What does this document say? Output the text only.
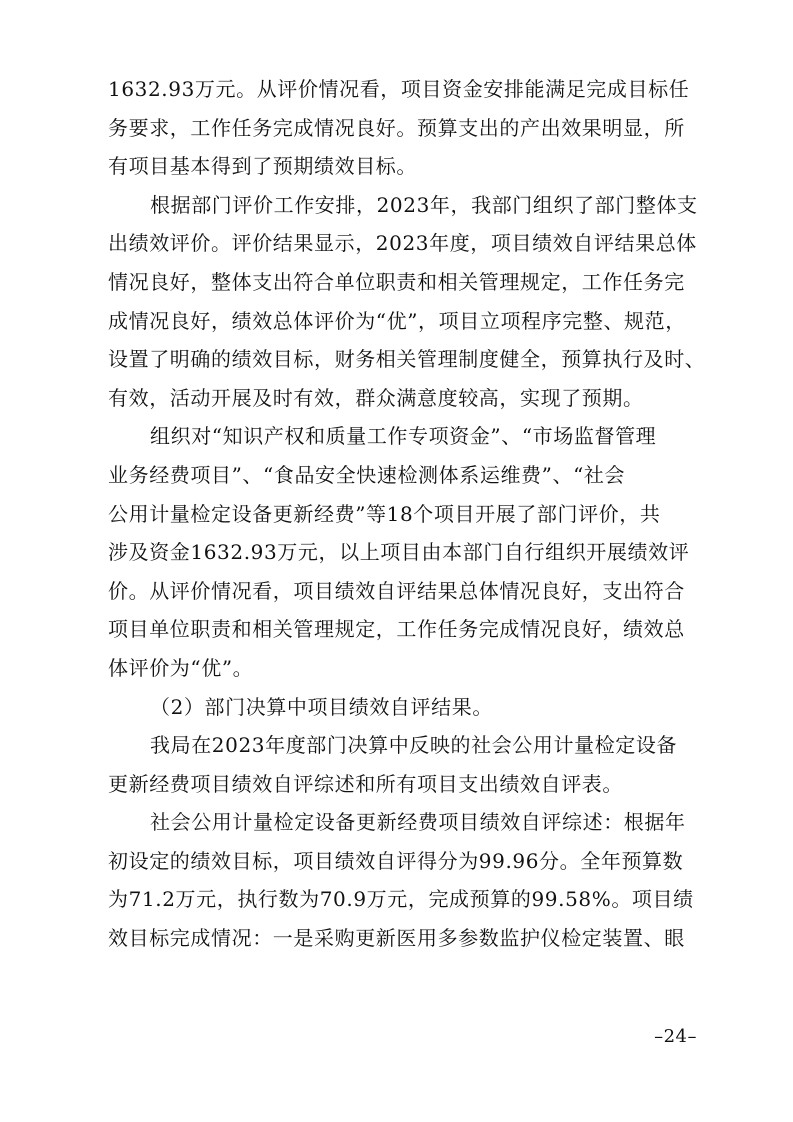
1632.93万元。从评价情况看，项目资金安排能满足完成目标任
务要求，工作任务完成情况良好。预算支出的产出效果明显，所
有项目基本得到了预期绩效目标。
根据部门评价工作安排，2023年，我部门组织了部门整体支
出绩效评价。评价结果显示，2023年度，项目绩效自评结果总体
情况良好，整体支出符合单位职责和相关管理规定，工作任务完
成情况良好，绩效总体评价为“优”，项目立项程序完整、规范，
设置了明确的绩效目标，财务相关管理制度健全，预算执行及时、
有效，活动开展及时有效，群众满意度较高，实现了预期。
组织对“知识产权和质量工作专项资金”、“市场监督管理
业务经费项目”、“食品安全快速检测体系运维费”、“社会
公用计量检定设备更新经费”等18个项目开展了部门评价，共
涉及资金1632.93万元，以上项目由本部门自行组织开展绩效评
价。从评价情况看，项目绩效自评结果总体情况良好，支出符合
项目单位职责和相关管理规定，工作任务完成情况良好，绩效总
体评价为“优”。
（2）部门决算中项目绩效自评结果。
我局在2023年度部门决算中反映的社会公用计量检定设备
更新经费项目绩效自评综述和所有项目支出绩效自评表。
社会公用计量检定设备更新经费项目绩效自评综述：根据年
初设定的绩效目标，项目绩效自评得分为99.96分。全年预算数
为71.2万元，执行数为70.9万元，完成预算的99.58%。项目绩
效目标完成情况：一是采购更新医用多参数监护仪检定装置、眼
–24–
